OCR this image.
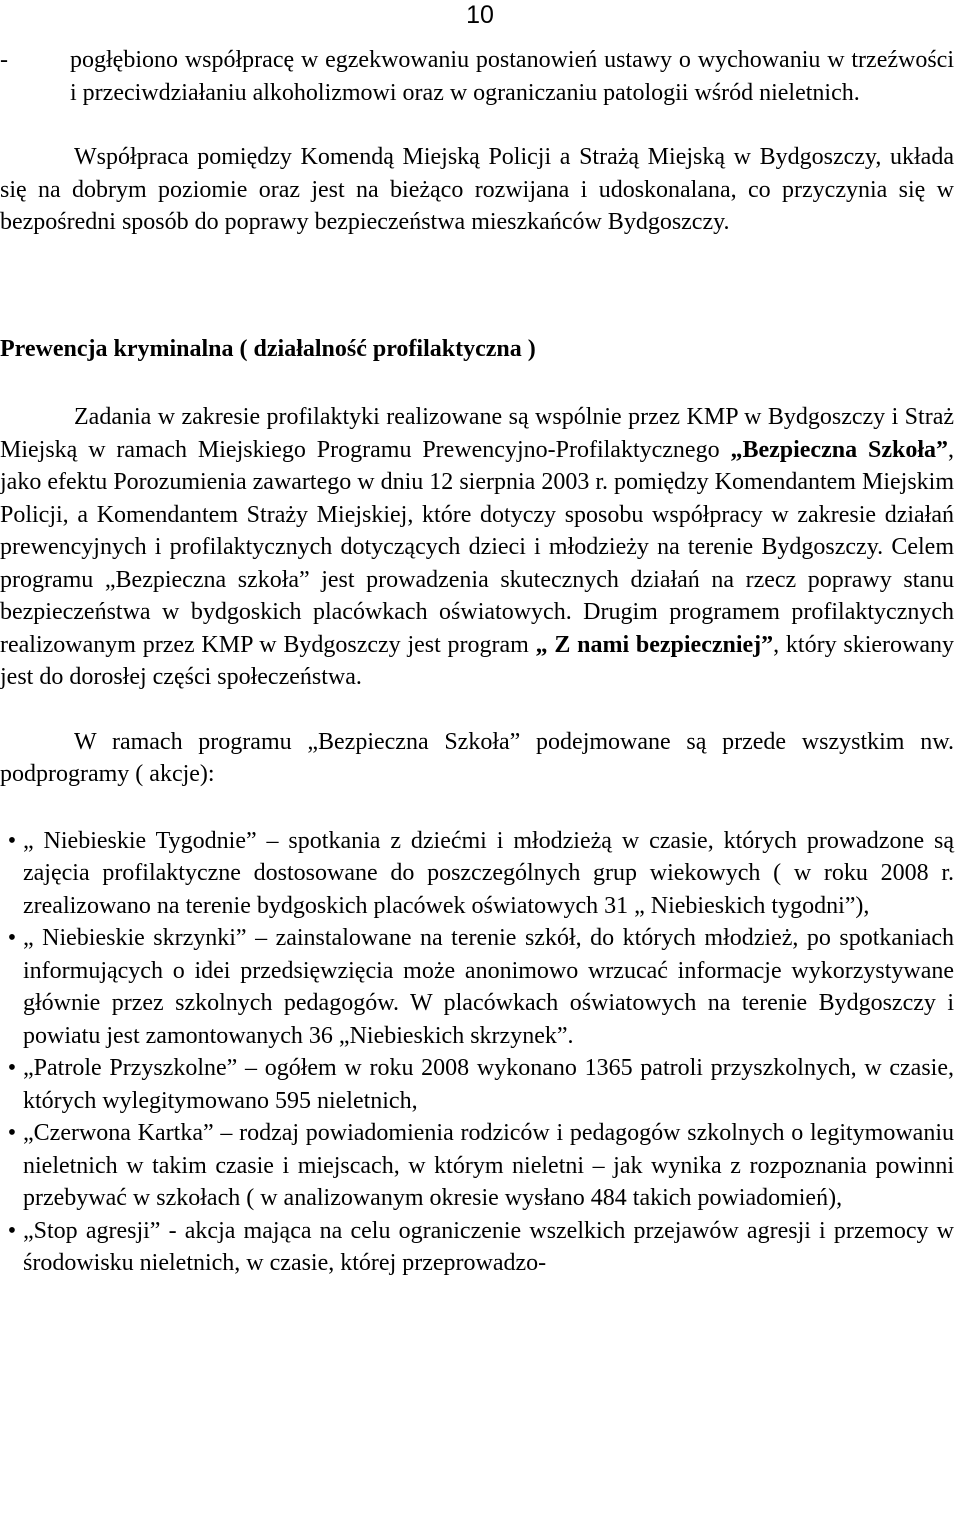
10

-	pogłębiono współpracę w egzekwowaniu postanowień ustawy o wychowaniu w trzeźwości i przeciwdziałaniu alkoholizmowi oraz w ograniczaniu patologii wśród nieletnich.

Współpraca pomiędzy Komendą Miejską Policji a Strażą Miejską w Bydgoszczy, układa się na dobrym poziomie oraz jest na bieżąco rozwijana i udoskonalana, co przyczynia się w bezpośredni sposób do poprawy bezpieczeństwa mieszkańców Bydgoszczy.

Prewencja kryminalna ( działalność profilaktyczna )

Zadania w zakresie profilaktyki realizowane są wspólnie przez KMP w Bydgoszczy i Straż Miejską w ramach Miejskiego Programu Prewencyjno-Profilaktycznego „Bezpieczna Szkoła”, jako efektu Porozumienia zawartego w dniu 12 sierpnia 2003 r. pomiędzy Komendantem Miejskim Policji, a Komendantem Straży Miejskiej, które dotyczy sposobu współpracy w zakresie działań prewencyjnych i profilaktycznych dotyczących dzieci i młodzieży na terenie Bydgoszczy. Celem programu „Bezpieczna szkoła” jest prowadzenia skutecznych działań na rzecz poprawy stanu bezpieczeństwa w bydgoskich placówkach oświatowych. Drugim programem profilaktycznych realizowanym przez KMP w Bydgoszczy jest program „ Z nami bezpieczniej”, który skierowany jest do dorosłej części społeczeństwa.

W ramach programu „Bezpieczna Szkoła” podejmowane są przede wszystkim nw. podprogramy ( akcje):

• „ Niebieskie Tygodnie” – spotkania z dziećmi i młodzieżą w czasie, których prowadzone są zajęcia profilaktyczne dostosowane do poszczególnych grup wiekowych ( w roku 2008 r. zrealizowano na terenie bydgoskich placówek oświatowych 31 „ Niebieskich tygodni”),

• „ Niebieskie skrzynki” – zainstalowane na terenie szkół, do których młodzież, po spotkaniach informujących o idei przedsięwzięcia może anonimowo wrzucać informacje wykorzystywane głównie przez szkolnych pedagogów. W placówkach oświatowych na terenie Bydgoszczy i powiatu jest zamontowanych 36 „Niebieskich skrzynek”.

• „Patrole Przyszkolne” – ogółem w roku 2008 wykonano 1365 patroli przyszkolnych, w czasie, których wylegitymowano 595 nieletnich,

• „Czerwona Kartka” – rodzaj powiadomienia rodziców i pedagogów szkolnych o legitymowaniu nieletnich w takim czasie i miejscach, w którym nieletni – jak wynika z rozpoznania powinni przebywać w szkołach ( w analizowanym okresie wysłano 484 takich powiadomień),

• „Stop agresji” - akcja mająca na celu ograniczenie wszelkich przejawów agresji i przemocy w środowisku nieletnich, w czasie, której przeprowadzo-
